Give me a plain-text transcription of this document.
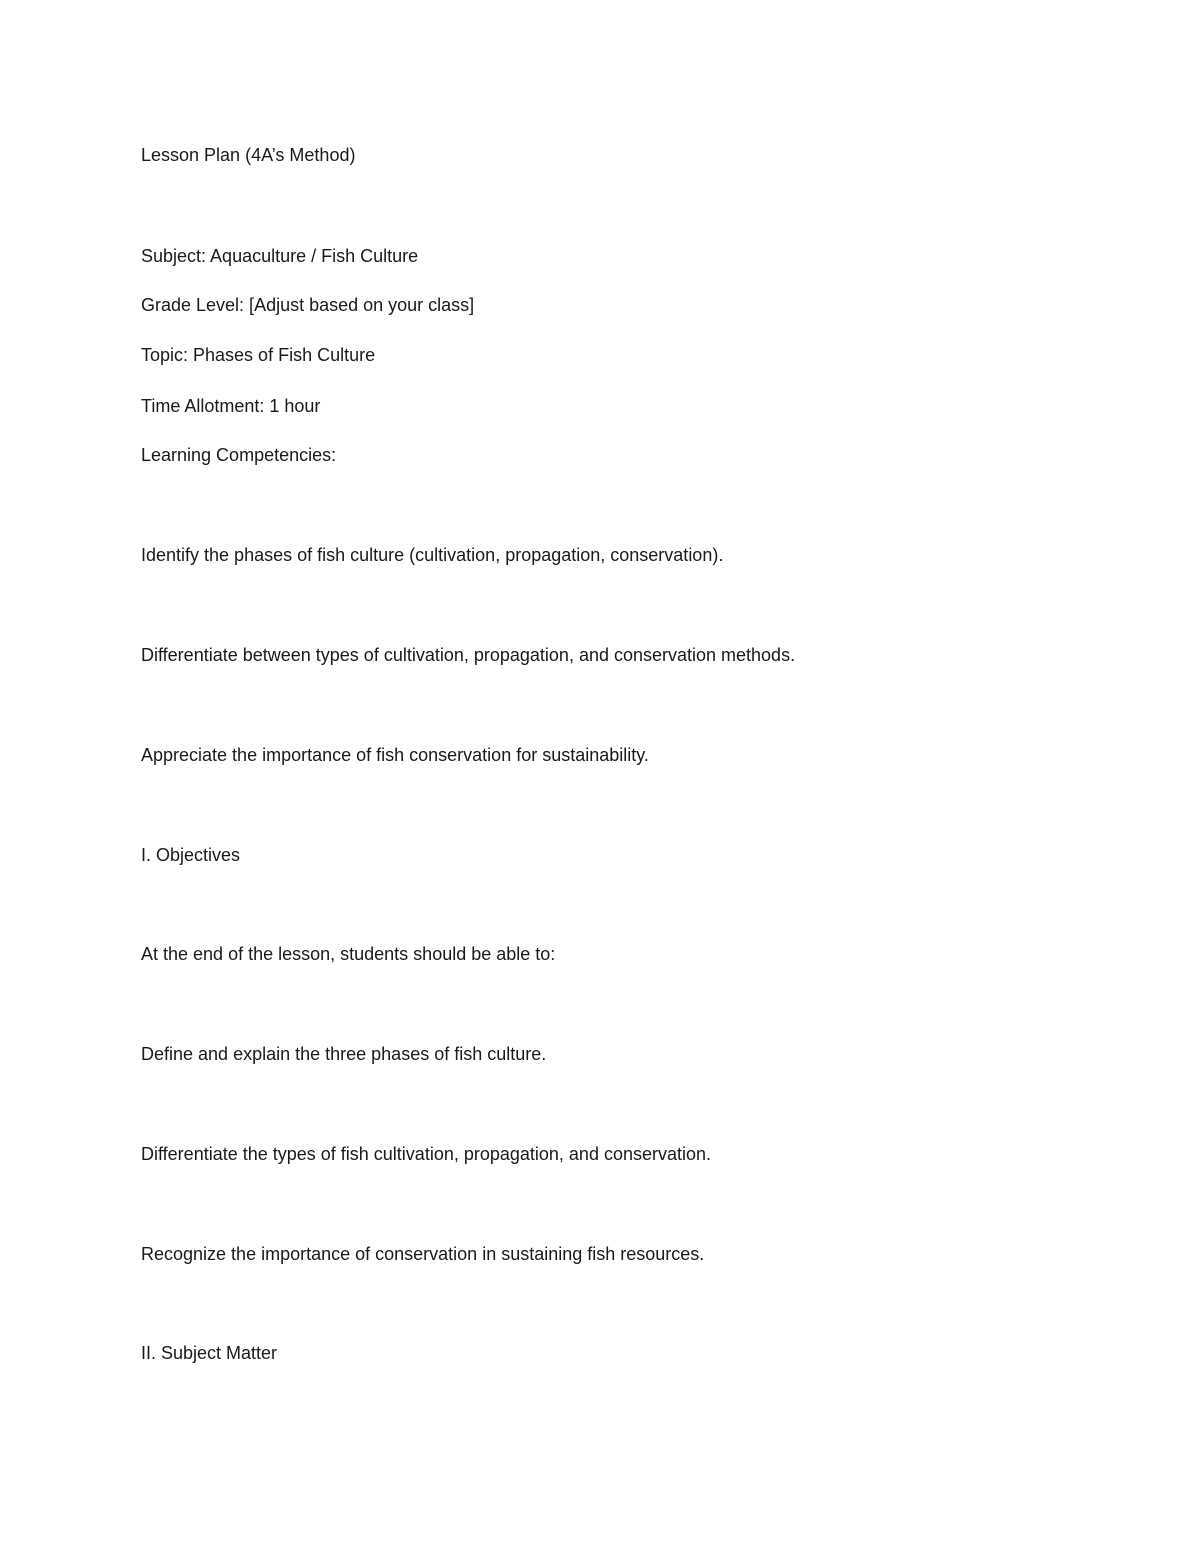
Lesson Plan (4A’s Method)

Subject: Aquaculture / Fish Culture

Grade Level: [Adjust based on your class]

Topic: Phases of Fish Culture

Time Allotment: 1 hour

Learning Competencies:

Identify the phases of fish culture (cultivation, propagation, conservation).

Differentiate between types of cultivation, propagation, and conservation methods.

Appreciate the importance of fish conservation for sustainability.

I. Objectives

At the end of the lesson, students should be able to:

Define and explain the three phases of fish culture.

Differentiate the types of fish cultivation, propagation, and conservation.

Recognize the importance of conservation in sustaining fish resources.

II. Subject Matter
